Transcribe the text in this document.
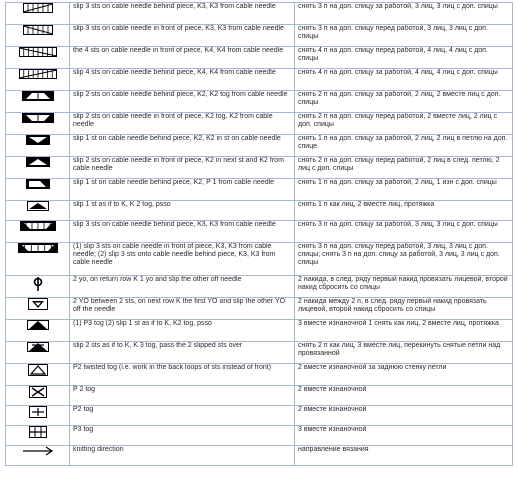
	slip 3 sts on cable needle behind piece, K3, K3 from cable needle	снять 3 п на доп. спицу за работой, 3 лиц, 3 лиц с доп. спицы

	slip 3 sts on cable needle in front of piece, K3, K3 from cable needle	снять 3 п на доп. спицу перед работой, 3 лиц, 3 лиц с доп. спицы

	the 4 sts on cable needle in front of piece, K4, K4 from cable needle	снять 4 п на доп. спицу перед работой, 4 лиц, 4 лиц с доп. спицы

	slip 4 sts on cable needle behind piece, K4, K4 from cable needle	снять 4 п на доп. спицу за работой, 4 лиц, 4 лиц с доп. спицы

	slip 2 sts on cable needle behind piece, K2, K2 tog from cable needle	снять 2 п на доп. спицу за работой, 2 лиц, 2 вместе лиц с доп. спицы

	slip 2 sts on cable needle in front of piece, K2 tog, K2 from cable needle	снять 2 п на доп. спицу перед работой, 2 вместе лиц, 2 лиц с доп. спицы

	slip 1 st on cable needle behind piece, K2, K2 in st on cable needle	снять 1 п на доп. спицу за работой, 2 лиц, 2 лиц в петлю на доп. спице

	slip 2 sts on cable needle in front of piece, K2 in next st and K2 from cable needle	снять 2 п на доп. спицу перед работой, 2 лиц в след. петлю, 2 лиц с доп. спицы

	slip 1 st on cable needle behind piece, K2, P 1 from cable needle	снять 1 п на доп. спицу за работой, 2 лиц, 1 изн с доп. спицы

	slip 1 st as if to K, K 2 tog, psso	снять 1 п как лиц, 2 вместе лиц, протяжка

	slip 3 sts on cable needle behind piece, K3, K3 from cable needle	снять 3 п на доп. спицу за работой, 3 лиц, 3 лиц с доп. спицы

	(1) slip 3 sts on cable needle in front of piece, K3, K3 from cable needle; (2) slip 3 sts onto cable needle behind piece, K3, K3 from cable needle	снять 3 п на доп. спицу перед работой, 3 лиц, 3 лиц с доп. спицы; снять 3 п на доп. спицу за работой, 3 лиц, 3 лиц с доп. спицы

	2 yo, on return row K 1 yo and slip the other off needle	2 накида, в след. ряду первый накид провязать лицевой, второй накид сбросить со спицы

	2 YO between 2 sts, on next row K the first YO and slip the other YO off the needle	2 накида между 2 п, в след. ряду первый накид провязать лицевой, второй накид сбросить со спицы

	(1) P3 tog (2) slip 1 st as if to K, K2 tog, psso	3 вместе изнаночной 1 снять как лиц, 2 вместе лиц, протяжка

	slip 2 sts as if to K, K 3 tog, pass the 2 slipped sts over	снять 2 п как лиц, 3 вместе лиц, перекинуть снятые петли над провязанной

	P2 twisted tog (i.e. work in the back loops of sts instead of front)	2 вместе изнаночной за заднюю стенку петли

	P 2 tog	2 вместе изнаночной

	P2 tog	2 вместе изнаночной

	P3 tog	3 вместе изнаночной

	knitting direction	направление вязания
